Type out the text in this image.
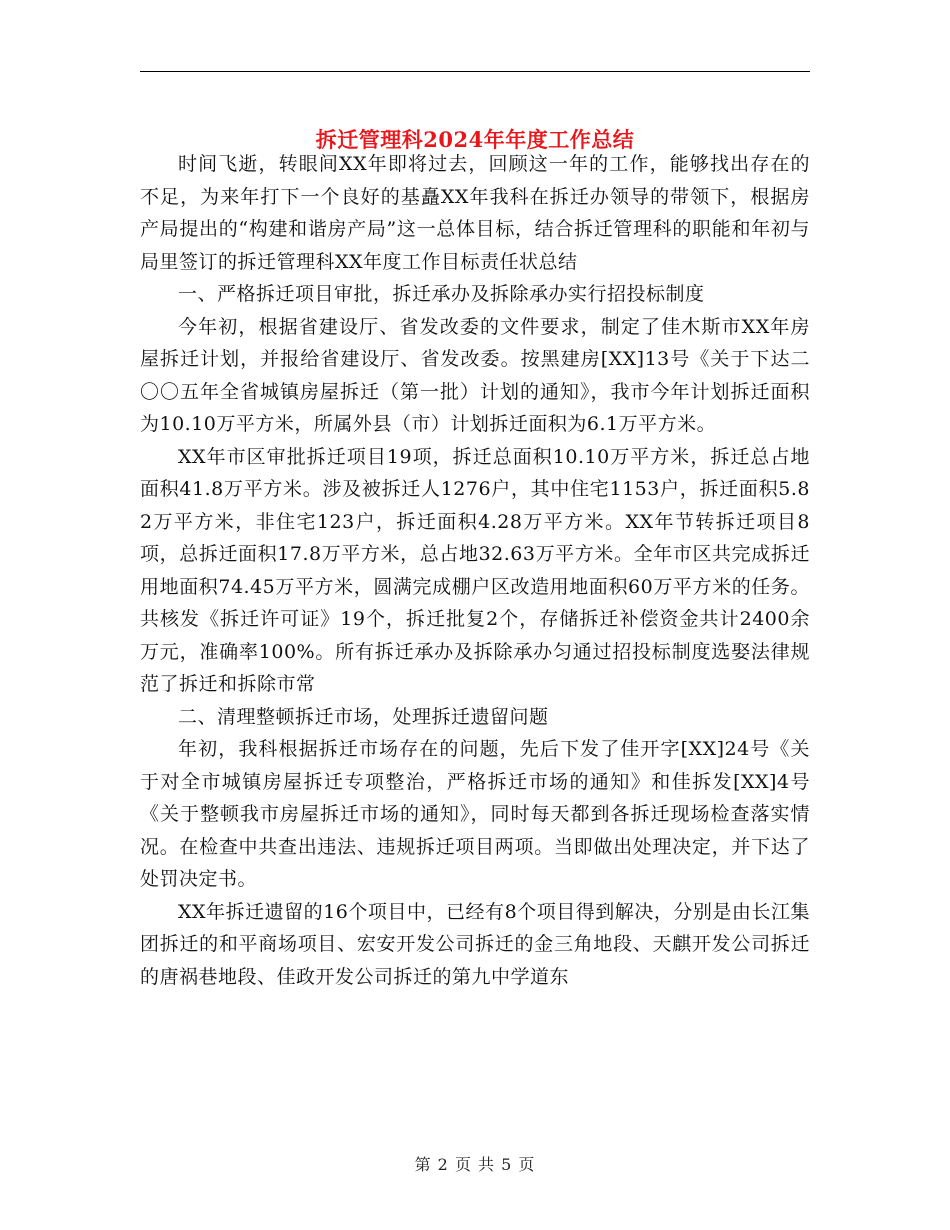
拆迁管理科2024年年度工作总结

时间飞逝，转眼间XX年即将过去，回顾这一年的工作，能够找出存在的不足，为来年打下一个良好的基矗XX年我科在拆迁办领导的带领下，根据房产局提出的“构建和谐房产局”这一总体目标，结合拆迁管理科的职能和年初与局里签订的拆迁管理科XX年度工作目标责任状总结

一、严格拆迁项目审批，拆迁承办及拆除承办实行招投标制度

今年初，根据省建设厅、省发改委的文件要求，制定了佳木斯市XX年房屋拆迁计划，并报给省建设厅、省发改委。按黑建房[XX]13号《关于下达二〇〇五年全省城镇房屋拆迁（第一批）计划的通知》，我市今年计划拆迁面积为10.10万平方米，所属外县（市）计划拆迁面积为6.1万平方米。

XX年市区审批拆迁项目19项，拆迁总面积10.10万平方米，拆迁总占地面积41.8万平方米。涉及被拆迁人1276户，其中住宅1153户，拆迁面积5.82万平方米，非住宅123户，拆迁面积4.28万平方米。XX年节转拆迁项目8项，总拆迁面积17.8万平方米，总占地32.63万平方米。全年市区共完成拆迁用地面积74.45万平方米，圆满完成棚户区改造用地面积60万平方米的任务。共核发《拆迁许可证》19个，拆迁批复2个，存储拆迁补偿资金共计2400余万元，准确率100%。所有拆迁承办及拆除承办匀通过招投标制度选娶法律规范了拆迁和拆除市常

二、清理整顿拆迁市场，处理拆迁遗留问题

年初，我科根据拆迁市场存在的问题，先后下发了佳开字[XX]24号《关于对全市城镇房屋拆迁专项整治，严格拆迁市场的通知》和佳拆发[XX]4号《关于整顿我市房屋拆迁市场的通知》，同时每天都到各拆迁现场检查落实情况。在检查中共查出违法、违规拆迁项目两项。当即做出处理决定，并下达了处罚决定书。

XX年拆迁遗留的16个项目中，已经有8个项目得到解决，分别是由长江集团拆迁的和平商场项目、宏安开发公司拆迁的金三角地段、天麒开发公司拆迁的唐祸巷地段、佳政开发公司拆迁的第九中学道东

第 2 页 共 5 页
